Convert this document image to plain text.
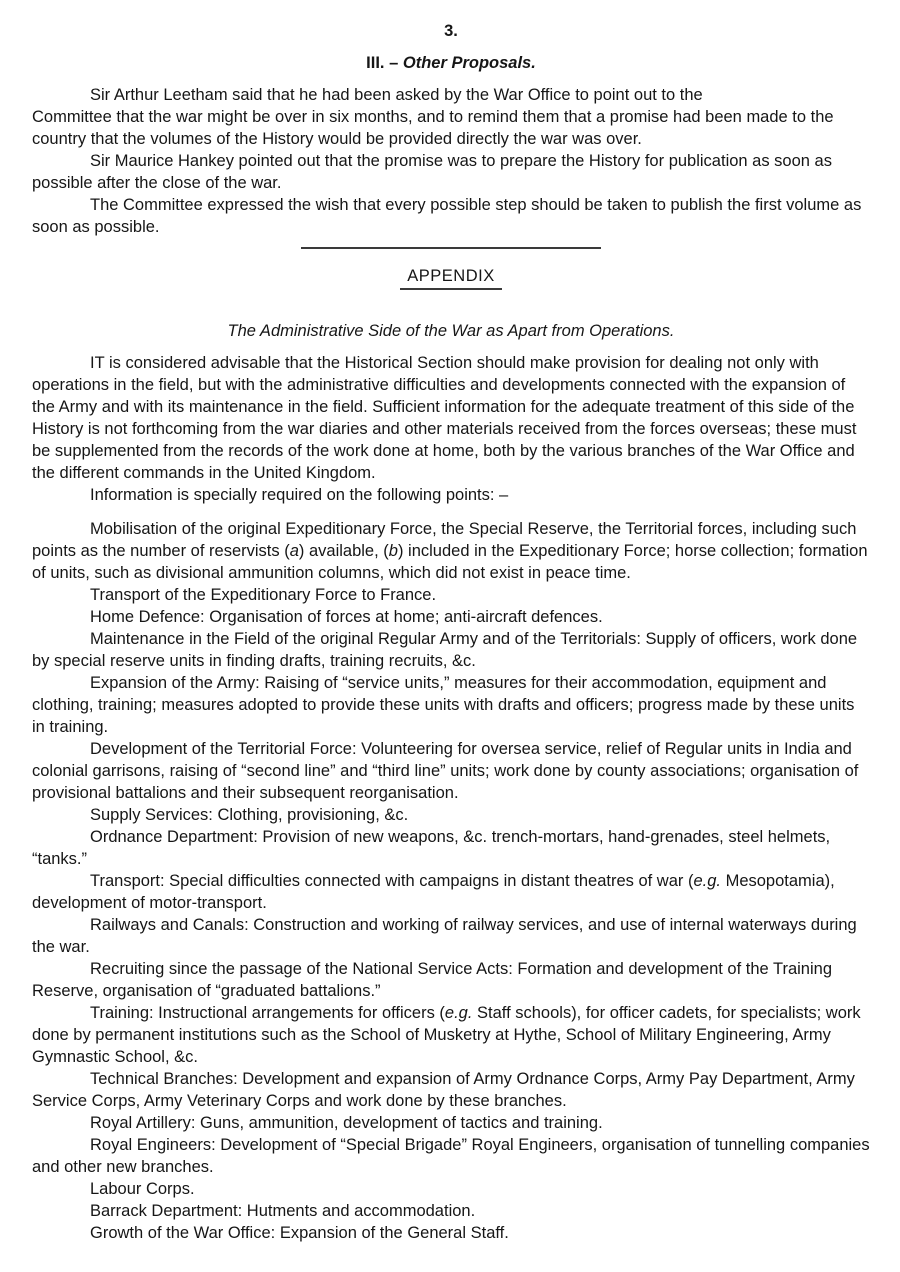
3.
III. – Other Proposals.

Sir Arthur Leetham said that he had been asked by the War Office to point out to the
Committee that the war might be over in six months, and to remind them that a promise had been made to the country that the volumes of the History would be provided directly the war was over.

Sir Maurice Hankey pointed out that the promise was to prepare the History for publication as soon as possible after the close of the war.

The Committee expressed the wish that every possible step should be taken to publish the first volume as soon as possible.

APPENDIX
The Administrative Side of the War as Apart from Operations.

IT is considered advisable that the Historical Section should make provision for dealing not only with operations in the field, but with the administrative difficulties and developments connected with the expansion of the Army and with its maintenance in the field. Sufficient information for the adequate treatment of this side of the History is not forthcoming from the war diaries and other materials received from the forces overseas; these must be supplemented from the records of the work done at home, both by the various branches of the War Office and the different commands in the United Kingdom.

Information is specially required on the following points: –

Mobilisation of the original Expeditionary Force, the Special Reserve, the Territorial forces, including such points as the number of reservists (a) available, (b) included in the Expeditionary Force; horse collection; formation of units, such as divisional ammunition columns, which did not exist in peace time.

Transport of the Expeditionary Force to France.

Home Defence: Organisation of forces at home; anti-aircraft defences.

Maintenance in the Field of the original Regular Army and of the Territorials: Supply of officers, work done by special reserve units in finding drafts, training recruits, &c.

Expansion of the Army: Raising of “service units,” measures for their accommodation, equipment and clothing, training; measures adopted to provide these units with drafts and officers; progress made by these units in training.

Development of the Territorial Force: Volunteering for oversea service, relief of Regular units in India and colonial garrisons, raising of “second line” and “third line” units; work done by county associations; organisation of provisional battalions and their subsequent reorganisation.

Supply Services: Clothing, provisioning, &c.

Ordnance Department: Provision of new weapons, &c. trench-mortars, hand-grenades, steel helmets, “tanks.”

Transport: Special difficulties connected with campaigns in distant theatres of war (e.g. Mesopotamia), development of motor-transport.

Railways and Canals: Construction and working of railway services, and use of internal waterways during the war.

Recruiting since the passage of the National Service Acts: Formation and development of the Training Reserve, organisation of “graduated battalions.”

Training: Instructional arrangements for officers (e.g. Staff schools), for officer cadets, for specialists; work done by permanent institutions such as the School of Musketry at Hythe, School of Military Engineering, Army Gymnastic School, &c.

Technical Branches: Development and expansion of Army Ordnance Corps, Army Pay Department, Army Service Corps, Army Veterinary Corps and work done by these branches.

Royal Artillery: Guns, ammunition, development of tactics and training.

Royal Engineers: Development of “Special Brigade” Royal Engineers, organisation of tunnelling companies and other new branches.

Labour Corps.

Barrack Department: Hutments and accommodation.

Growth of the War Office: Expansion of the General Staff.
